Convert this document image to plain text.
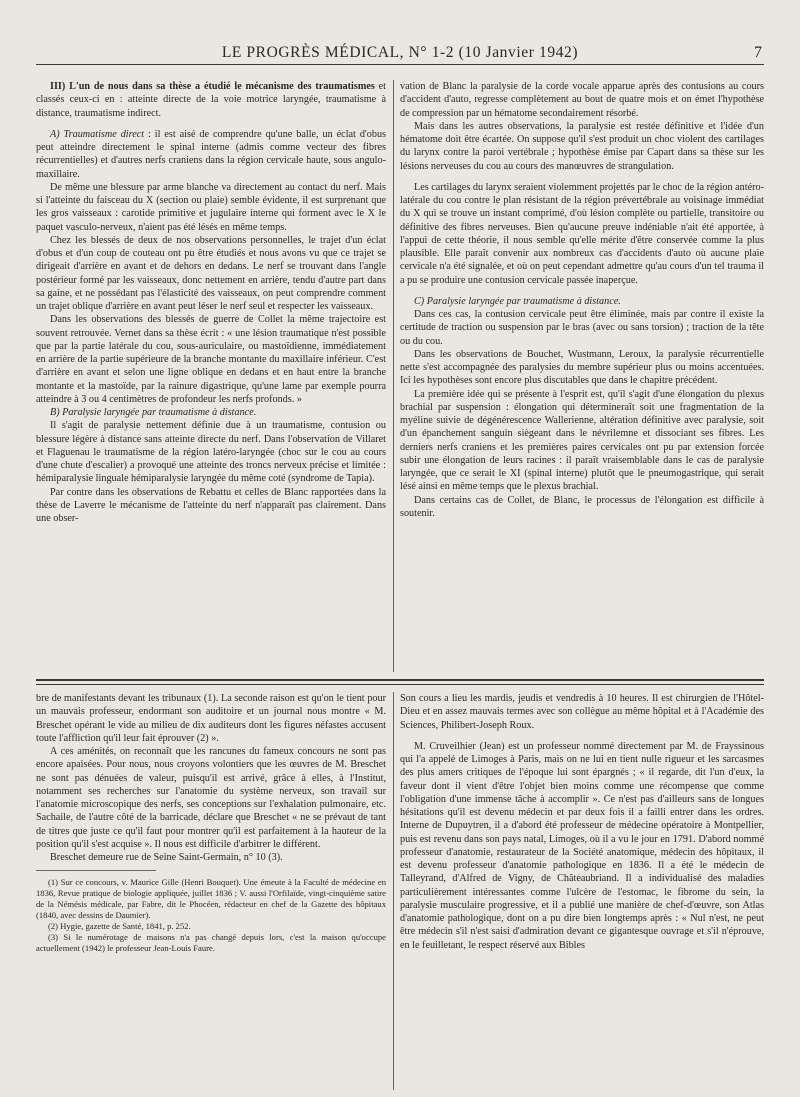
LE PROGRÈS MÉDICAL, N° 1-2 (10 Janvier 1942)	7

III) L'un de nous dans sa thèse a étudié le mécanisme des traumatismes et classés ceux-ci en : atteinte directe de la voie motrice laryngée, traumatisme à distance, traumatisme indirect.

A) Traumatisme direct : il est aisé de comprendre qu'une balle, un éclat d'obus peut atteindre directement le spinal interne (admis comme vecteur des fibres récurrentielles) et d'autres nerfs craniens dans la région cervicale haute, sous angulo-maxillaire.

De même une blessure par arme blanche va directement au contact du nerf. Mais si l'atteinte du faisceau du X (section ou plaie) semble évidente, il est surprenant que les gros vaisseaux : carotide primitive et jugulaire interne qui forment avec le X le paquet vasculo-nerveux, n'aient pas été lésés en même temps.

Chez les blessés de deux de nos observations personnelles, le trajet d'un éclat d'obus et d'un coup de couteau ont pu être étudiés et nous avons vu que ce trajet se dirigeait d'arrière en avant et de dehors en dedans. Le nerf se trouvant dans l'angle postérieur formé par les vaisseaux, donc nettement en arrière, tendu d'autre part dans sa gaine, et ne possédant pas l'élasticité des vaisseaux, on peut comprendre comment un trajet oblique d'arrière en avant peut léser le nerf seul et respecter les vaisseaux.

Dans les observations des blessés de guerre de Collet la même trajectoire est souvent retrouvée. Vernet dans sa thèse écrit : « une lésion traumatique n'est possible que par la partie latérale du cou, sous-auriculaire, ou mastoïdienne, immédiatement en arrière de la partie supérieure de la branche montante du maxillaire inférieur. C'est d'arrière en avant et selon une ligne oblique en dedans et en haut entre la branche montante et la mastoïde, par la rainure digastrique, qu'une lame par exemple pourra atteindre à 3 ou 4 centimètres de profondeur les nerfs profonds. »

B) Paralysie laryngée par traumatisme à distance.

Il s'agit de paralysie nettement définie due à un traumatisme, contusion ou blessure légère à distance sans atteinte directe du nerf. Dans l'observation de Villaret et Flaguenau le traumatisme de la région latéro-laryngée (choc sur le cou au cours d'une chute d'escalier) a provoqué une atteinte des troncs nerveux précise et limitée : hémiparalysie linguale hémiparalysie laryngée du même coté (syndrome de Tapia).

Par contre dans les observations de Rebattu et celles de Blanc rapportées dans la thèse de Laverre le mécanisme de l'atteinte du nerf n'apparaît pas clairement. Dans une obser-

vation de Blanc la paralysie de la corde vocale apparue après des contusions au cours d'accident d'auto, regresse complètement au bout de quatre mois et on émet l'hypothèse de compression par un hématome secondairement résorbé.

Mais dans les autres observations, la paralysie est restée définitive et l'idée d'un hématome doit être écartée. On suppose qu'il s'est produit un choc violent des cartilages du larynx contre la paroi vertébrale ; hypothèse émise par Capart dans sa thèse sur les lésions nerveuses du cou au cours des manœuvres de strangulation.

Les cartilages du larynx seraient violemment projettés par le choc de la région antéro-latérale du cou contre le plan résistant de la région prévertébrale au voisinage immédiat du X qui se trouve un instant comprimé, d'où lésion complète ou partielle, transitoire ou définitive des fibres nerveuses. Bien qu'aucune preuve indéniable n'ait été apportée, à l'appui de cette théorie, il nous semble qu'elle mérite d'être conservée comme la plus plausible. Elle paraît convenir aux nombreux cas d'accidents d'auto où aucune plaie cervicale n'a été signalée, et où on peut cependant admettre qu'au cours d'un tel trauma il a pu se produire une contusion cervicale passée inaperçue.

C) Paralysie laryngée par traumatisme à distance.

Dans ces cas, la contusion cervicale peut être éliminée, mais par contre il existe la certitude de traction ou suspension par le bras (avec ou sans torsion) ; traction de la tête ou du cou.

Dans les observations de Bouchet, Wustmann, Leroux, la paralysie récurrentielle nette s'est accompagnée des paralysies du membre supérieur plus ou moins accentuées. Ici les hypothèses sont encore plus discutables que dans le chapitre précédent.

La première idée qui se présente à l'esprit est, qu'il s'agit d'une élongation du plexus brachial par suspension : élongation qui détermineraît soit une fragmentation de la myéline suivie de dégénérescence Wallerienne, altération définitive avec paralysie, soit d'un épanchement sanguin siègeant dans le névrilemne et dissociant ses fibres. Les derniers nerfs craniens et les premières paires cervicales ont pu par extension forcée subir une élongation de leurs racines : il paraît vraisemblable dans le cas de paralysie laryngée, que ce serait le XI (spinal interne) plutôt que le pneumogastrique, qui serait lésé ainsi en même temps que le plexus brachial.

Dans certains cas de Collet, de Blanc, le processus de l'élongation est difficile à soutenir.

bre de manifestants devant les tribunaux (1). La seconde raison est qu'on le tient pour un mauvais professeur, endormant son auditoire et un journal nous montre « M. Breschet opérant le vide au milieu de dix auditeurs dont les figures néfastes accusent toute l'affliction qu'il leur fait éprouver (2) ».

A ces aménités, on reconnaît que les rancunes du fameux concours ne sont pas encore apaisées. Pour nous, nous croyons volontiers que les œuvres de M. Breschet ne sont pas dénuées de valeur, puisqu'il est arrivé, grâce à elles, à l'Institut, notamment ses recherches sur l'anatomie du système nerveux, son travail sur l'anatomie microscopique des nerfs, ses conceptions sur l'exhalation pulmonaire, etc. Sachaile, de l'autre côté de la barricade, déclare que Breschet « ne se prévaut de tant de titres que juste ce qu'il faut pour montrer qu'il est parfaitement à la hauteur de la position qu'il s'est acquise ». Il nous est difficile d'arbitrer le différent.

Breschet demeure rue de Seine Saint-Germain, n° 10 (3).

(1) Sur ce concours, v. Maurice Gille (Henri Bouquet). Une émeute à la Faculté de médecine en 1836, Revue pratique de biologie appliquée, juillet 1836 ; V. aussi l'Orfilaïde, vingt-cinquième satire de la Némésis médicale, par Fabre, dit le Phocéen, rédacteur en chef de la Gazette des hôpitaux (1840, avec dessins de Daumier).

(2) Hygie, gazette de Santé, 1841, p. 252.

(3) Si le numérotage de maisons n'a pas changé depuis lors, c'est la maison qu'occupe actuellement (1942) le professeur Jean-Louis Faure.

Son cours a lieu les mardis, jeudis et vendredis à 10 heures. Il est chirurgien de l'Hôtel-Dieu et en assez mauvais termes avec son collègue au même hôpital et à l'Académie des Sciences, Philibert-Joseph Roux.

M. Cruveilhier (Jean) est un professeur nommé directement par M. de Frayssinous qui l'a appelé de Limoges à Paris, mais on ne lui en tient nulle rigueur et les sarcasmes des plus amers critiques de l'époque lui sont épargnés ; « il regarde, dit l'un d'eux, la faveur dont il vient d'être l'objet bien moins comme une récompense que comme l'obligation d'une immense tâche à accomplir ». Ce n'est pas d'ailleurs sans de longues hésitations qu'il est devenu médecin et par deux fois il a failli entrer dans les ordres. Interne de Dupuytren, il a d'abord été professeur de médecine opératoire à Montpellier, puis est revenu dans son pays natal, Limoges, où il a vu le jour en 1791. D'abord nommé professeur d'anatomie, restaurateur de la Société anatomique, médecin des hôpitaux, il est devenu professeur d'anatomie pathologique en 1836. Il a été le médecin de Talleyrand, d'Alfred de Vigny, de Châteaubriand. Il a individualisé des maladies particulièrement intéressantes comme l'ulcère de l'estomac, le fibrome du sein, la paralysie musculaire progressive, et il a publié une manière de chef-d'œuvre, son Atlas d'anatomie pathologique, dont on a pu dire bien longtemps après : « Nul n'est, ne peut être médecin s'il n'est saisi d'admiration devant ce gigantesque ouvrage et s'il n'éprouve, en le feuilletant, le respect réservé aux Bibles
